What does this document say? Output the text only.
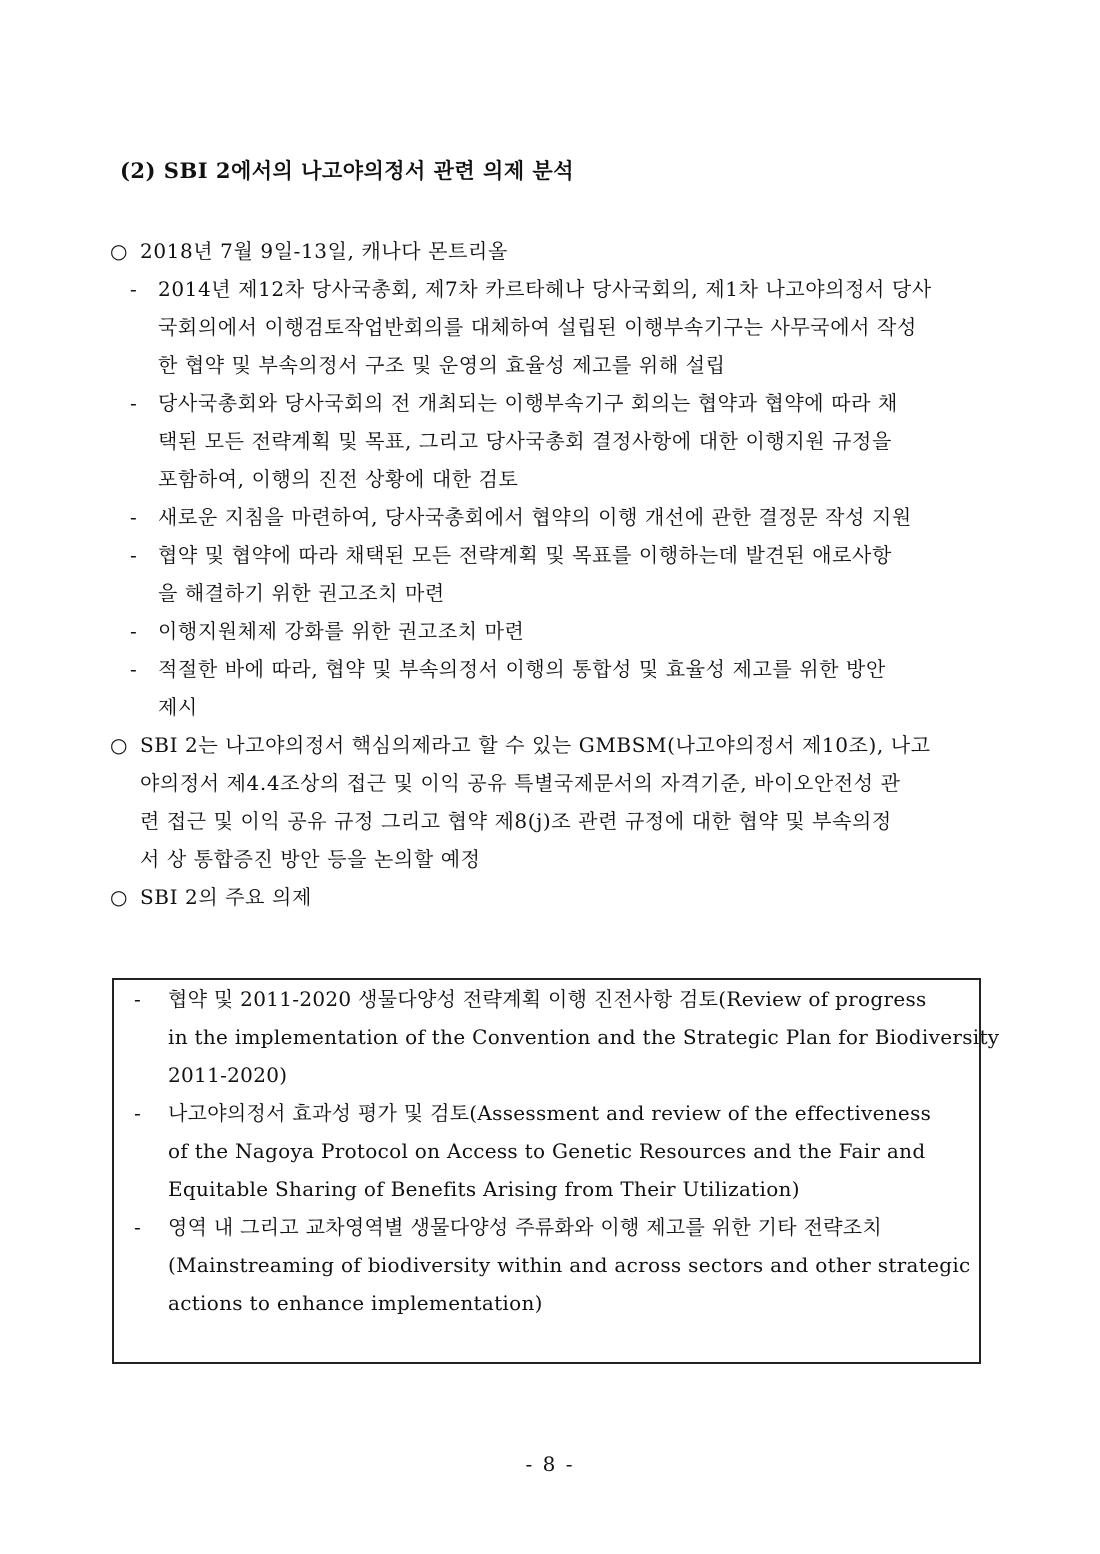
(2) SBI 2에서의 나고야의정서 관련 의제 분석
○ 2018년 7월 9일-13일, 캐나다 몬트리올

- 2014년 제12차 당사국총회, 제7차 카르타헤나 당사국회의, 제1차 나고야의정서 당사

국회의에서 이행검토작업반회의를 대체하여 설립된 이행부속기구는 사무국에서 작성

한 협약 및 부속의정서 구조 및 운영의 효율성 제고를 위해 설립

- 당사국총회와 당사국회의 전 개최되는 이행부속기구 회의는 협약과 협약에 따라 채

택된 모든 전략계획 및 목표, 그리고 당사국총회 결정사항에 대한 이행지원 규정을

포함하여, 이행의 진전 상황에 대한 검토

- 새로운 지침을 마련하여, 당사국총회에서 협약의 이행 개선에 관한 결정문 작성 지원

- 협약 및 협약에 따라 채택된 모든 전략계획 및 목표를 이행하는데 발견된 애로사항

을 해결하기 위한 권고조치 마련

- 이행지원체제 강화를 위한 권고조치 마련

- 적절한 바에 따라, 협약 및 부속의정서 이행의 통합성 및 효율성 제고를 위한 방안

제시

○ SBI 2는 나고야의정서 핵심의제라고 할 수 있는 GMBSM(나고야의정서 제10조), 나고

야의정서 제4.4조상의 접근 및 이익 공유 특별국제문서의 자격기준, 바이오안전성 관

련 접근 및 이익 공유 규정 그리고 협약 제8(j)조 관련 규정에 대한 협약 및 부속의정

서 상 통합증진 방안 등을 논의할 예정

○ SBI 2의 주요 의제

- 협약 및 2011-2020 생물다양성 전략계획 이행 진전사항 검토(Review of progress

in the implementation of the Convention and the Strategic Plan for Biodiversity

2011-2020)

- 나고야의정서 효과성 평가 및 검토(Assessment and review of the effectiveness

of the Nagoya Protocol on Access to Genetic Resources and the Fair and

Equitable Sharing of Benefits Arising from Their Utilization)

- 영역 내 그리고 교차영역별 생물다양성 주류화와 이행 제고를 위한 기타 전략조치

(Mainstreaming of biodiversity within and across sectors and other strategic

actions to enhance implementation)

- 8 -
